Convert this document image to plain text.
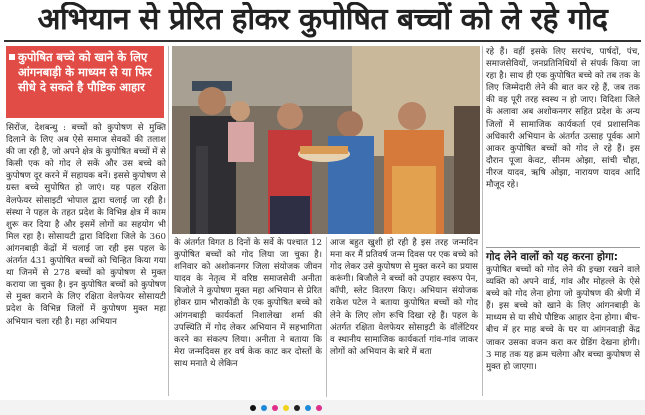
अभियान से प्रेरित होकर कुपोषित बच्चों को ले रहे गोद
कुपोषित बच्चे को खाने के लिए आंगनबाड़ी के माध्यम से या फिर सीधे दे सकते है पौष्टिक आहार
सिरोंज, देशबन्धु : बच्चों को कुपोषण से मुक्ति दिलाने के लिए अब ऐसे समाज सेवकों की तलाश की जा रही है, जो अपने क्षेत्र के कुपोषित बच्चों में से किसी एक को गोद ले सकें और उस बच्चे को कुपोषण दूर करने में सहायक बनें। इससे कुपोषण से ग्रस्त बच्चे सुपोषित हो जाएं। यह पहल रक्षिता वेलफेयर सोसाइटी भोपाल द्वारा चलाई जा रही है। संस्था ने पहल के तहत प्रदेश के विभिन्न क्षेत्र में काम शुरू कर दिया है और इसमें लोगों का सहयोग भी मिल रहा है। सोसायटी द्वारा विदिशा जिले के 360 आंगनबाड़ी केंद्रों में चलाई जा रही इस पहल के अंतर्गत 431 कुपोषित बच्चों को चिन्हित किया गया था जिनमें से 278 बच्चों को कुपोषण से मुक्त कराया जा चुका है। इन कुपोषित बच्चों को कुपोषण से मुक्त कराने के लिए रक्षिता वेलफेयर सोसायटी प्रदेश के विभिन्न जिलों में कुपोषण मुक्त महा अभियान चला रही है। महा अभियान
के अंतर्गत विगत 8 दिनों के सर्वे के पश्चात 12 कुपोषित बच्चों को गोद लिया जा चुका है। शनिवार को अशोकनगर जिला संयोजक जीवन यादव के नेतृत्व में वरिष्ठ समाजसेवी अनीता बिजोले ने कुपोषण मुक्त महा अभियान से प्रेरित होकर ग्राम भौराकोंडी के एक कुपोषित बच्चे को आंगनबाड़ी कार्यकर्ता निशालेखा शर्मा की उपस्थिति में गोद लेकर अभियान में सहभागिता करने का संकल्प लिया। अनीता ने बताया कि मेरा जन्मदिवस हर वर्ष केक काट कर दोस्तों के साथ मनाते थे लेकिन
आज बहुत खुशी हो रही है इस तरह जन्मदिन मना कर मैं प्रतिवर्ष जन्म दिवस पर एक बच्चे को गोद लेकर उसे कुपोषण से मुक्त करने का प्रयास करूंगी। बिजौले ने बच्चों को उपहार स्वरूप पेन, कॉपी, स्लेट वितरण किए। अभियान संयोजक राकेश पटेल ने बताया कुपोषित बच्चों को गोद लेने के लिए लोग रूचि दिखा रहे हैं। पहल के अंतर्गत रक्षिता वेलफेयर सोसाइटी के वॉलेंटियर व स्थानीय सामाजिक कार्यकर्ता गांव-गांव जाकर लोगों को अभियान के बारे में बता
रहे हैं। वहीं इसके लिए सरपंच, पार्षदों, पंच, समाजसेवियों, जनप्रतिनिधियों से संपर्क किया जा रहा है। साथ ही एक कुपोषित बच्चे को तब तक के लिए जिम्मेदारी लेने की बात कर रहे हैं, जब तक की वह पूरी तरह स्वस्थ न हो जाए। विदिशा जिले के अलावा अब अशोकनगर सहित प्रदेश के अन्य जिलों में सामाजिक कार्यकर्ता एवं प्रशासनिक अधिकारी अभियान के अंतर्गत उत्साह पूर्वक आगे आकर कुपोषित बच्चों को गोद ले रहे हैं। इस दौरान पूजा केवट, सीनम ओझा, सांची चौहा, नीरज यादव, ऋषि ओझा, नारायण यादव आदि मौजूद रहे।
गोद लेने वालों को यह करना होगा:
कुपोषित बच्चों को गोद लेने की इच्छा रखने वाले व्यक्ति को अपने वार्ड, गांव और मोहल्ले के ऐसे बच्चे को गोद लेना होगा जो कुपोषण की श्रेणी में हैं। इस बच्चे को खाने के लिए आंगनबाड़ी के माध्यम से या सीधे पौष्टिक आहार देना होगा। बीच-बीच में हर माह बच्चे के घर या आंगनवाड़ी केंद्र जाकर उसका वजन करा कर ग्रेडिंग देखना होगी। 3 माह तक यह क्रम चलेगा और बच्चा कुपोषण से मुक्त हो जाएगा।
